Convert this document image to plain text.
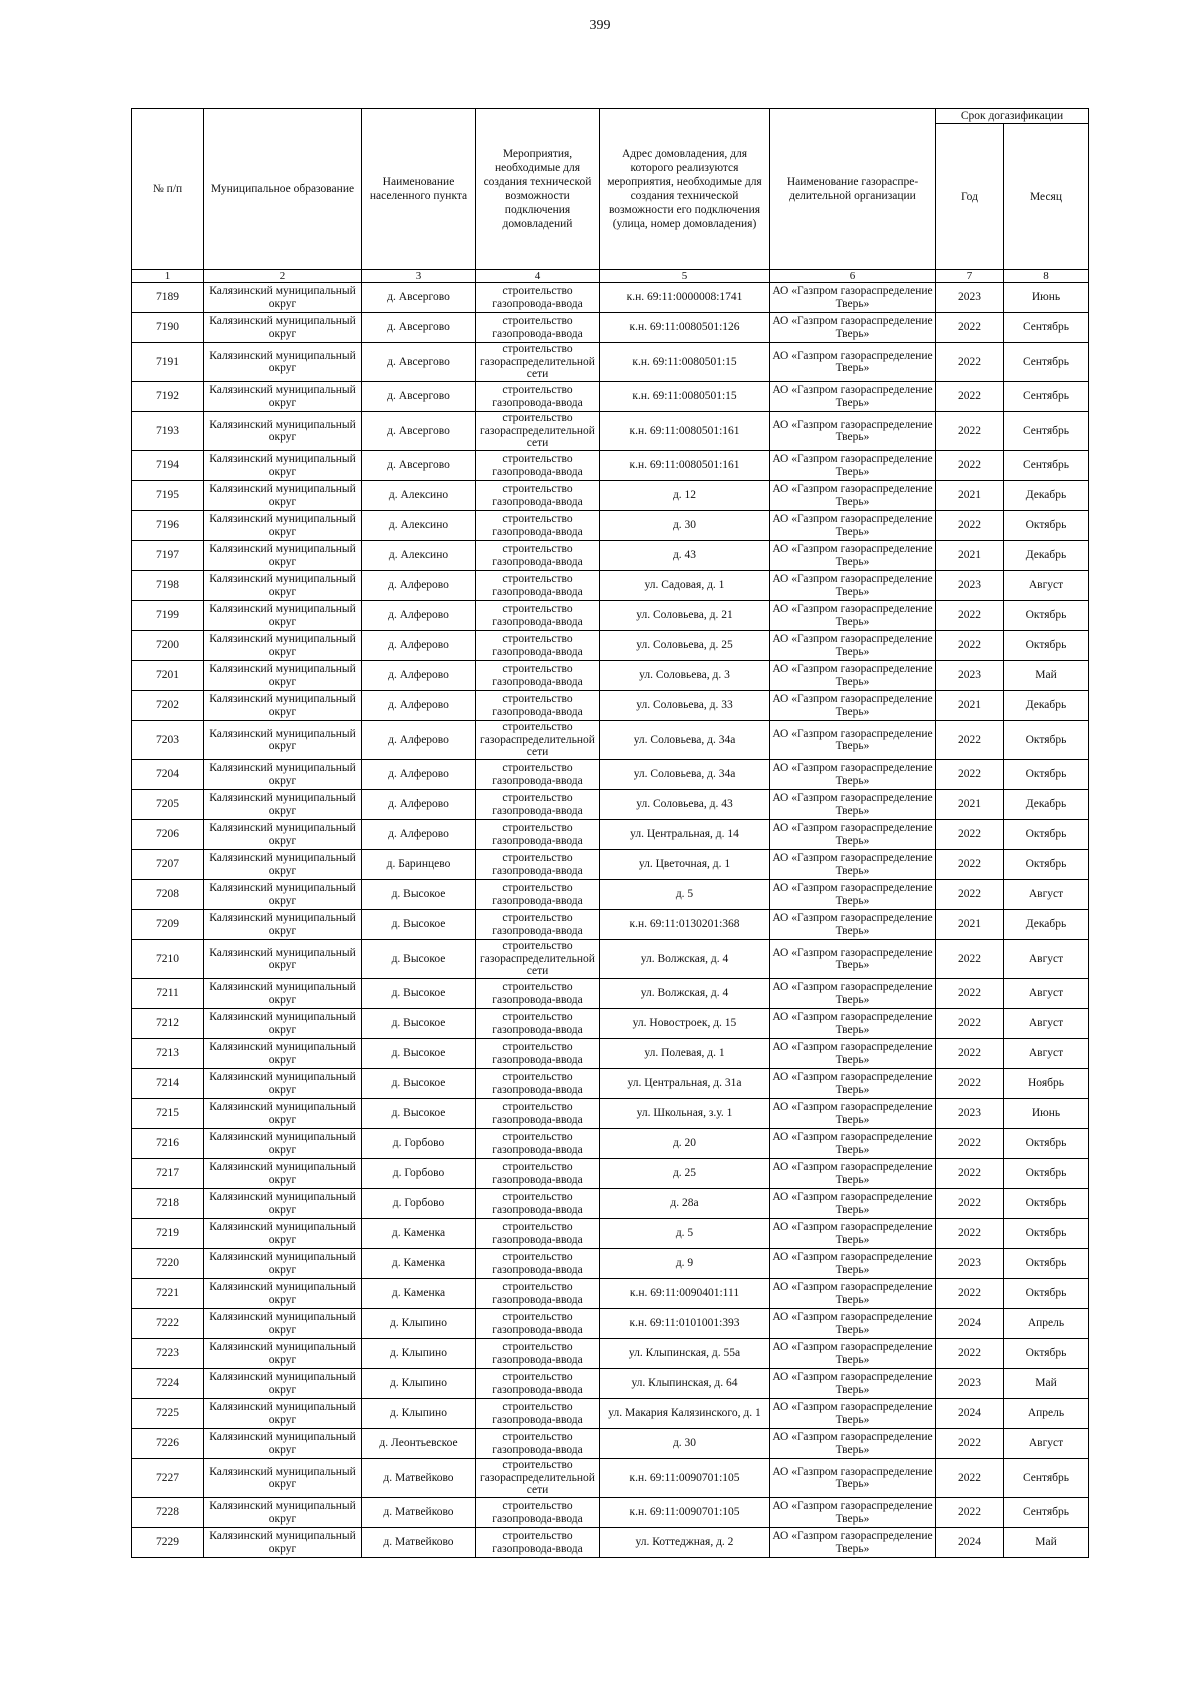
399
№ п/п	Муниципальное образование	Наименование населенного пункта	Мероприятия, необходимые для создания технической возможности подключения домовладений	Адрес домовладения, для которого реализуются мероприятия, необходимые для создания технической возможности его подключения (улица, номер домовладения)	Наименование газораспре-делительной организации	Срок догазификации	
						Год	Месяц
1	2	3	4	5	6	7	8
7189	Калязинский муниципальный округ	д. Авсергово	строительство газопровода-ввода	к.н. 69:11:0000008:1741	АО «Газпром газораспределение Тверь»	2023	Июнь
7190	Калязинский муниципальный округ	д. Авсергово	строительство газопровода-ввода	к.н. 69:11:0080501:126	АО «Газпром газораспределение Тверь»	2022	Сентябрь
7191	Калязинский муниципальный округ	д. Авсергово	строительство газораспределительной сети	к.н. 69:11:0080501:15	АО «Газпром газораспределение Тверь»	2022	Сентябрь
7192	Калязинский муниципальный округ	д. Авсергово	строительство газопровода-ввода	к.н. 69:11:0080501:15	АО «Газпром газораспределение Тверь»	2022	Сентябрь
7193	Калязинский муниципальный округ	д. Авсергово	строительство газораспределительной сети	к.н. 69:11:0080501:161	АО «Газпром газораспределение Тверь»	2022	Сентябрь
7194	Калязинский муниципальный округ	д. Авсергово	строительство газопровода-ввода	к.н. 69:11:0080501:161	АО «Газпром газораспределение Тверь»	2022	Сентябрь
7195	Калязинский муниципальный округ	д. Алексино	строительство газопровода-ввода	д. 12	АО «Газпром газораспределение Тверь»	2021	Декабрь
7196	Калязинский муниципальный округ	д. Алексино	строительство газопровода-ввода	д. 30	АО «Газпром газораспределение Тверь»	2022	Октябрь
7197	Калязинский муниципальный округ	д. Алексино	строительство газопровода-ввода	д. 43	АО «Газпром газораспределение Тверь»	2021	Декабрь
7198	Калязинский муниципальный округ	д. Алферово	строительство газопровода-ввода	ул. Садовая, д. 1	АО «Газпром газораспределение Тверь»	2023	Август
7199	Калязинский муниципальный округ	д. Алферово	строительство газопровода-ввода	ул. Соловьева, д. 21	АО «Газпром газораспределение Тверь»	2022	Октябрь
7200	Калязинский муниципальный округ	д. Алферово	строительство газопровода-ввода	ул. Соловьева, д. 25	АО «Газпром газораспределение Тверь»	2022	Октябрь
7201	Калязинский муниципальный округ	д. Алферово	строительство газопровода-ввода	ул. Соловьева, д. 3	АО «Газпром газораспределение Тверь»	2023	Май
7202	Калязинский муниципальный округ	д. Алферово	строительство газопровода-ввода	ул. Соловьева, д. 33	АО «Газпром газораспределение Тверь»	2021	Декабрь
7203	Калязинский муниципальный округ	д. Алферово	строительство газораспределительной сети	ул. Соловьева, д. 34а	АО «Газпром газораспределение Тверь»	2022	Октябрь
7204	Калязинский муниципальный округ	д. Алферово	строительство газопровода-ввода	ул. Соловьева, д. 34а	АО «Газпром газораспределение Тверь»	2022	Октябрь
7205	Калязинский муниципальный округ	д. Алферово	строительство газопровода-ввода	ул. Соловьева, д. 43	АО «Газпром газораспределение Тверь»	2021	Декабрь
7206	Калязинский муниципальный округ	д. Алферово	строительство газопровода-ввода	ул. Центральная, д. 14	АО «Газпром газораспределение Тверь»	2022	Октябрь
7207	Калязинский муниципальный округ	д. Баринцево	строительство газопровода-ввода	ул. Цветочная, д. 1	АО «Газпром газораспределение Тверь»	2022	Октябрь
7208	Калязинский муниципальный округ	д. Высокое	строительство газопровода-ввода	д. 5	АО «Газпром газораспределение Тверь»	2022	Август
7209	Калязинский муниципальный округ	д. Высокое	строительство газопровода-ввода	к.н. 69:11:0130201:368	АО «Газпром газораспределение Тверь»	2021	Декабрь
7210	Калязинский муниципальный округ	д. Высокое	строительство газораспределительной сети	ул. Волжская, д. 4	АО «Газпром газораспределение Тверь»	2022	Август
7211	Калязинский муниципальный округ	д. Высокое	строительство газопровода-ввода	ул. Волжская, д. 4	АО «Газпром газораспределение Тверь»	2022	Август
7212	Калязинский муниципальный округ	д. Высокое	строительство газопровода-ввода	ул. Новостроек, д. 15	АО «Газпром газораспределение Тверь»	2022	Август
7213	Калязинский муниципальный округ	д. Высокое	строительство газопровода-ввода	ул. Полевая, д. 1	АО «Газпром газораспределение Тверь»	2022	Август
7214	Калязинский муниципальный округ	д. Высокое	строительство газопровода-ввода	ул. Центральная, д. 31а	АО «Газпром газораспределение Тверь»	2022	Ноябрь
7215	Калязинский муниципальный округ	д. Высокое	строительство газопровода-ввода	ул. Школьная, з.у. 1	АО «Газпром газораспределение Тверь»	2023	Июнь
7216	Калязинский муниципальный округ	д. Горбово	строительство газопровода-ввода	д. 20	АО «Газпром газораспределение Тверь»	2022	Октябрь
7217	Калязинский муниципальный округ	д. Горбово	строительство газопровода-ввода	д. 25	АО «Газпром газораспределение Тверь»	2022	Октябрь
7218	Калязинский муниципальный округ	д. Горбово	строительство газопровода-ввода	д. 28а	АО «Газпром газораспределение Тверь»	2022	Октябрь
7219	Калязинский муниципальный округ	д. Каменка	строительство газопровода-ввода	д. 5	АО «Газпром газораспределение Тверь»	2022	Октябрь
7220	Калязинский муниципальный округ	д. Каменка	строительство газопровода-ввода	д. 9	АО «Газпром газораспределение Тверь»	2023	Октябрь
7221	Калязинский муниципальный округ	д. Каменка	строительство газопровода-ввода	к.н. 69:11:0090401:111	АО «Газпром газораспределение Тверь»	2022	Октябрь
7222	Калязинский муниципальный округ	д. Клыпино	строительство газопровода-ввода	к.н. 69:11:0101001:393	АО «Газпром газораспределение Тверь»	2024	Апрель
7223	Калязинский муниципальный округ	д. Клыпино	строительство газопровода-ввода	ул. Клыпинская, д. 55а	АО «Газпром газораспределение Тверь»	2022	Октябрь
7224	Калязинский муниципальный округ	д. Клыпино	строительство газопровода-ввода	ул. Клыпинская, д. 64	АО «Газпром газораспределение Тверь»	2023	Май
7225	Калязинский муниципальный округ	д. Клыпино	строительство газопровода-ввода	ул. Макария Калязинского, д. 1	АО «Газпром газораспределение Тверь»	2024	Апрель
7226	Калязинский муниципальный округ	д. Леонтьевское	строительство газопровода-ввода	д. 30	АО «Газпром газораспределение Тверь»	2022	Август
7227	Калязинский муниципальный округ	д. Матвейково	строительство газораспределительной сети	к.н. 69:11:0090701:105	АО «Газпром газораспределение Тверь»	2022	Сентябрь
7228	Калязинский муниципальный округ	д. Матвейково	строительство газопровода-ввода	к.н. 69:11:0090701:105	АО «Газпром газораспределение Тверь»	2022	Сентябрь
7229	Калязинский муниципальный округ	д. Матвейково	строительство газопровода-ввода	ул. Коттеджная, д. 2	АО «Газпром газораспределение Тверь»	2024	Май
